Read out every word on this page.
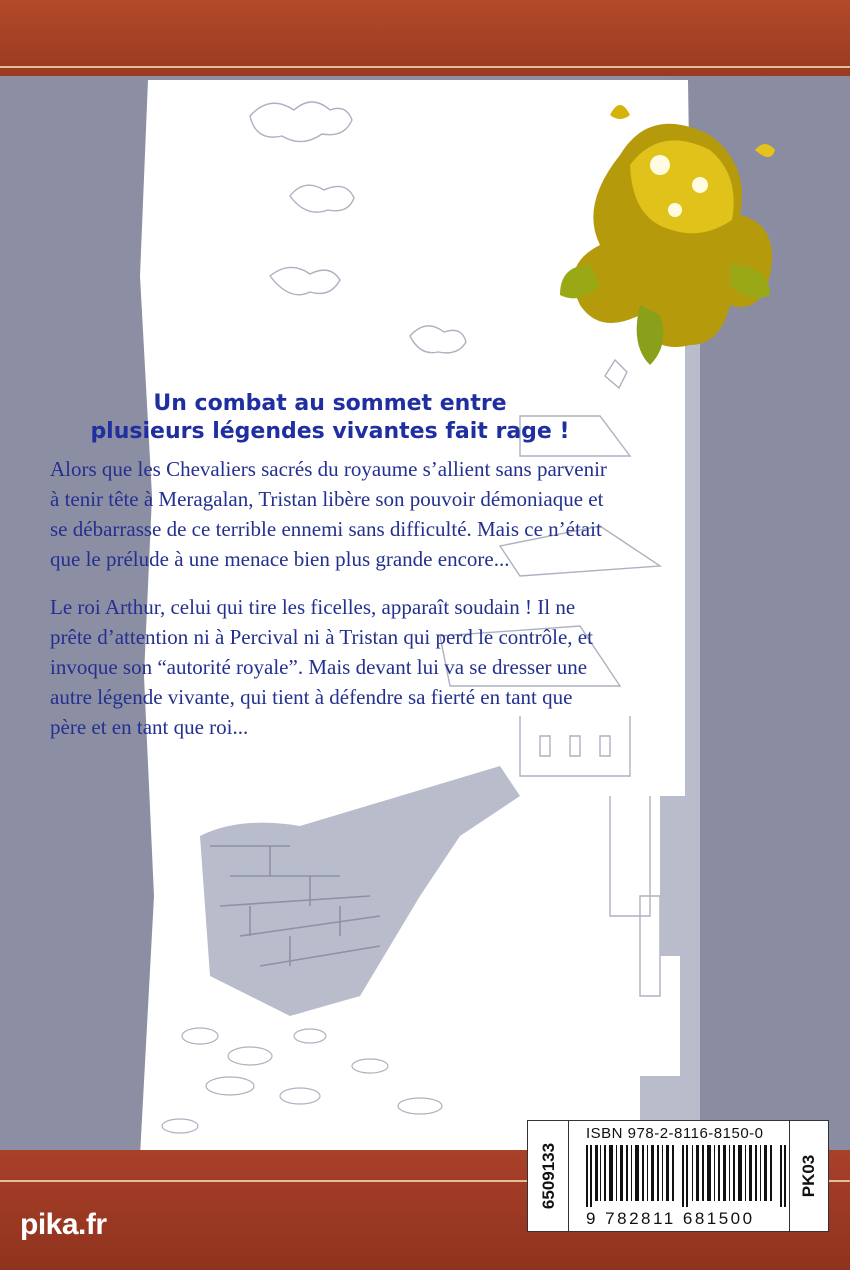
Un combat au sommet entre
plusieurs légendes vivantes fait rage !

Alors que les Chevaliers sacrés du royaume s’allient sans parvenir à tenir tête à Meragalan, Tristan libère son pouvoir démoniaque et se débarrasse de ce terrible ennemi sans difficulté. Mais ce n’était que le prélude à une menace bien plus grande encore...

Le roi Arthur, celui qui tire les ficelles, apparaît soudain ! Il ne prête d’attention ni à Percival ni à Tristan qui perd le contrôle, et invoque son “autorité royale”. Mais devant lui va se dresser une autre légende vivante, qui tient à défendre sa fierté en tant que père et en tant que roi...

pika.fr
6509133
ISBN 978-2-8116-8150-0
9 782811 681500
PK03
